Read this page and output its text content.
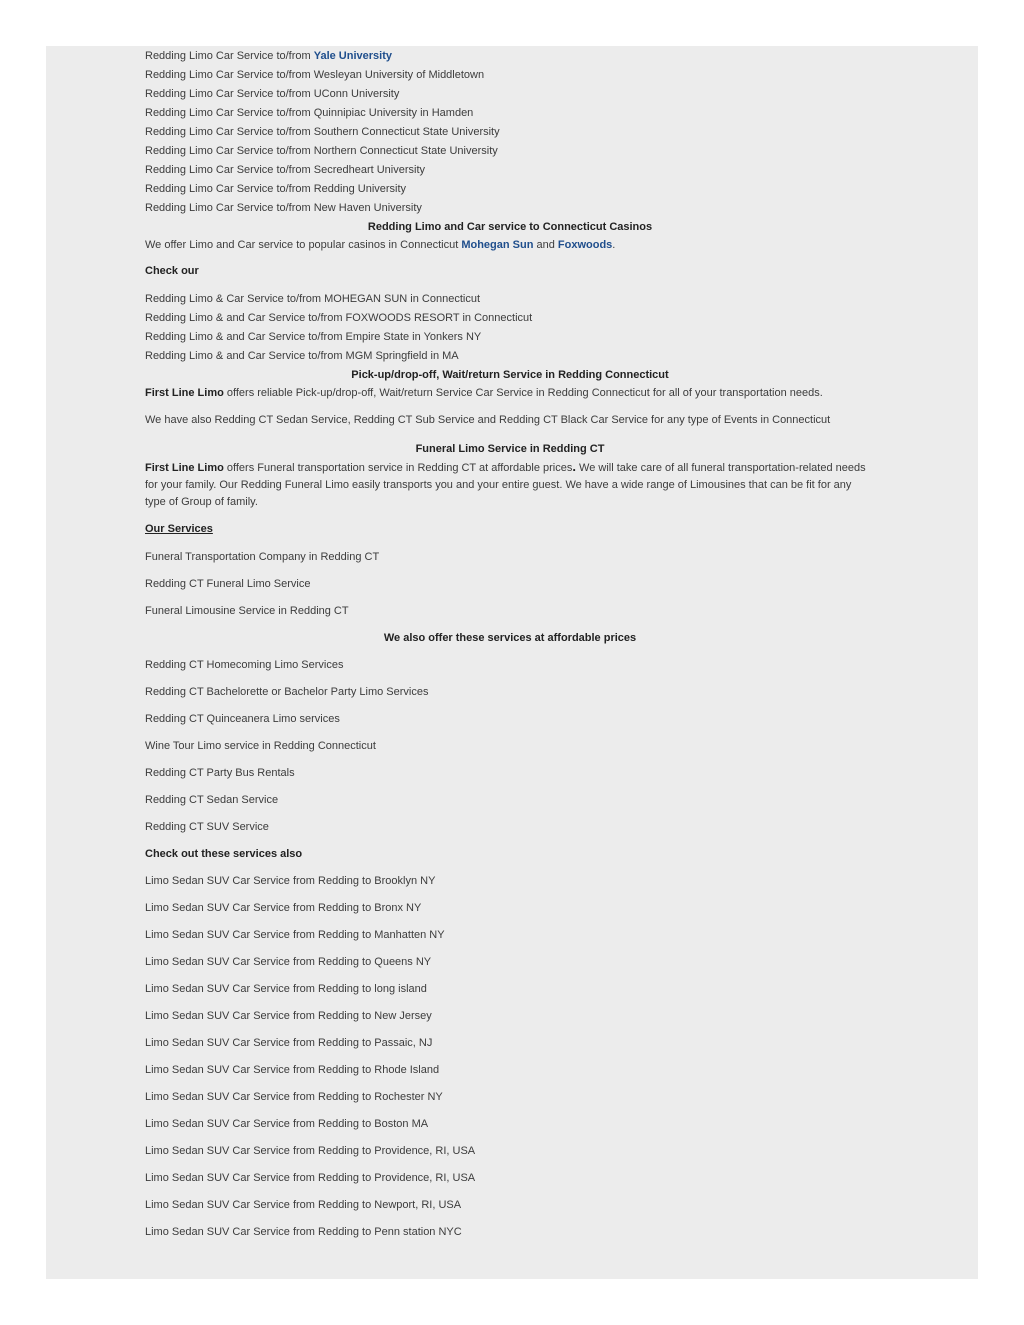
Redding Limo Car Service to/from Yale University
Redding Limo Car Service to/from Wesleyan University of Middletown
Redding Limo Car Service to/from UConn University
Redding Limo Car Service to/from Quinnipiac University in Hamden
Redding Limo Car Service to/from Southern Connecticut State University
Redding Limo Car Service to/from Northern Connecticut State University
Redding Limo Car Service to/from Secredheart University
Redding Limo Car Service to/from Redding University
Redding Limo Car Service to/from New Haven University
Redding Limo and Car service to Connecticut Casinos
We offer Limo and Car service to popular casinos in Connecticut Mohegan Sun and Foxwoods.
Check our
Redding Limo & Car Service to/from MOHEGAN SUN in Connecticut
Redding Limo & and Car Service to/from FOXWOODS RESORT in Connecticut
Redding Limo & and Car Service to/from Empire State in Yonkers NY
Redding Limo & and Car Service to/from MGM Springfield in MA
Pick-up/drop-off, Wait/return Service in Redding Connecticut
First Line Limo offers reliable Pick-up/drop-off, Wait/return Service Car Service in Redding Connecticut for all of your transportation needs.
We have also Redding CT Sedan Service, Redding CT Sub Service and Redding CT Black Car Service for any type of Events in Connecticut
Funeral Limo Service in Redding CT
First Line Limo offers Funeral transportation service in Redding CT at affordable prices. We will take care of all funeral transportation-related needs for your family. Our Redding Funeral Limo easily transports you and your entire guest. We have a wide range of Limousines that can be fit for any type of Group of family.
Our Services
Funeral Transportation Company in Redding CT
Redding CT Funeral Limo Service
Funeral Limousine Service in Redding CT
We also offer these services at affordable prices
Redding CT Homecoming Limo Services
Redding CT Bachelorette or Bachelor Party Limo Services
Redding CT Quinceanera Limo services
Wine Tour Limo service in Redding Connecticut
Redding CT Party Bus Rentals
Redding CT Sedan Service
Redding CT SUV Service
Check out these services also
Limo Sedan SUV Car Service from Redding to Brooklyn NY
Limo Sedan SUV Car Service from Redding to Bronx NY
Limo Sedan SUV Car Service from Redding to Manhatten NY
Limo Sedan SUV Car Service from Redding to Queens NY
Limo Sedan SUV Car Service from Redding to long island
Limo Sedan SUV Car Service from Redding to New Jersey
Limo Sedan SUV Car Service from Redding to Passaic, NJ
Limo Sedan SUV Car Service from Redding to Rhode Island
Limo Sedan SUV Car Service from Redding to Rochester NY
Limo Sedan SUV Car Service from Redding to Boston MA
Limo Sedan SUV Car Service from Redding to Providence, RI, USA
Limo Sedan SUV Car Service from Redding to Providence, RI, USA
Limo Sedan SUV Car Service from Redding to Newport, RI, USA
Limo Sedan SUV Car Service from Redding to Penn station NYC
